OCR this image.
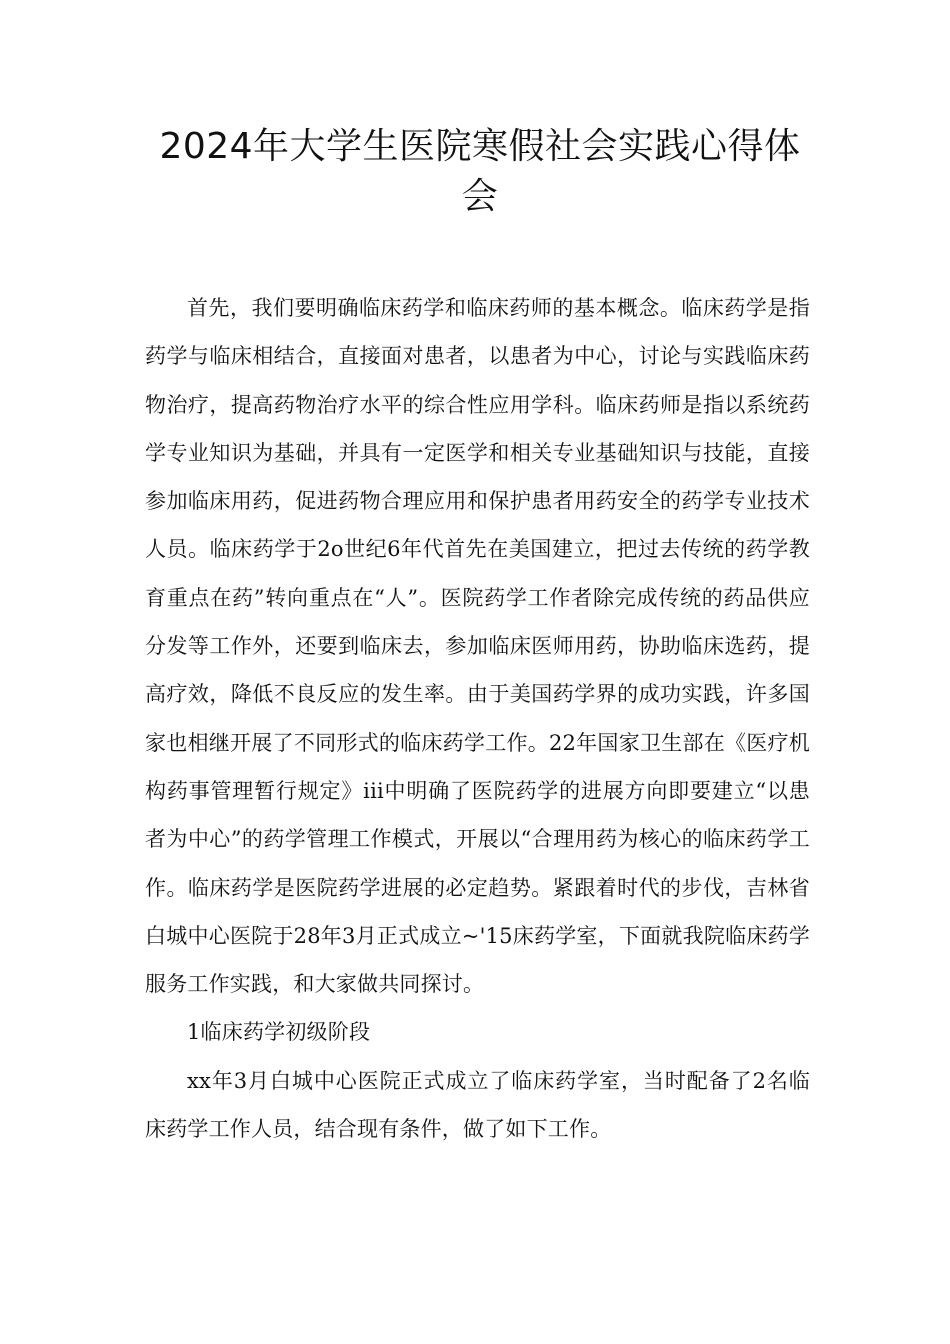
2024年大学生医院寒假社会实践心得体会

首先，我们要明确临床药学和临床药师的基本概念。临床药学是指药学与临床相结合，直接面对患者，以患者为中心，讨论与实践临床药物治疗，提高药物治疗水平的综合性应用学科。临床药师是指以系统药学专业知识为基础，并具有一定医学和相关专业基础知识与技能，直接参加临床用药，促进药物合理应用和保护患者用药安全的药学专业技术人员。临床药学于2o世纪6年代首先在美国建立，把过去传统的药学教育重点在药”转向重点在“人”。医院药学工作者除完成传统的药品供应分发等工作外，还要到临床去，参加临床医师用药，协助临床选药，提高疗效，降低不良反应的发生率。由于美国药学界的成功实践，许多国家也相继开展了不同形式的临床药学工作。22年国家卫生部在《医疗机构药事管理暂行规定》iii中明确了医院药学的进展方向即要建立“以患者为中心”的药学管理工作模式，开展以“合理用药为核心的临床药学工作。临床药学是医院药学进展的必定趋势。紧跟着时代的步伐，吉林省白城中心医院于28年3月正式成立~'15床药学室，下面就我院临床药学服务工作实践，和大家做共同探讨。

1临床药学初级阶段

xx年3月白城中心医院正式成立了临床药学室，当时配备了2名临床药学工作人员，结合现有条件，做了如下工作。
